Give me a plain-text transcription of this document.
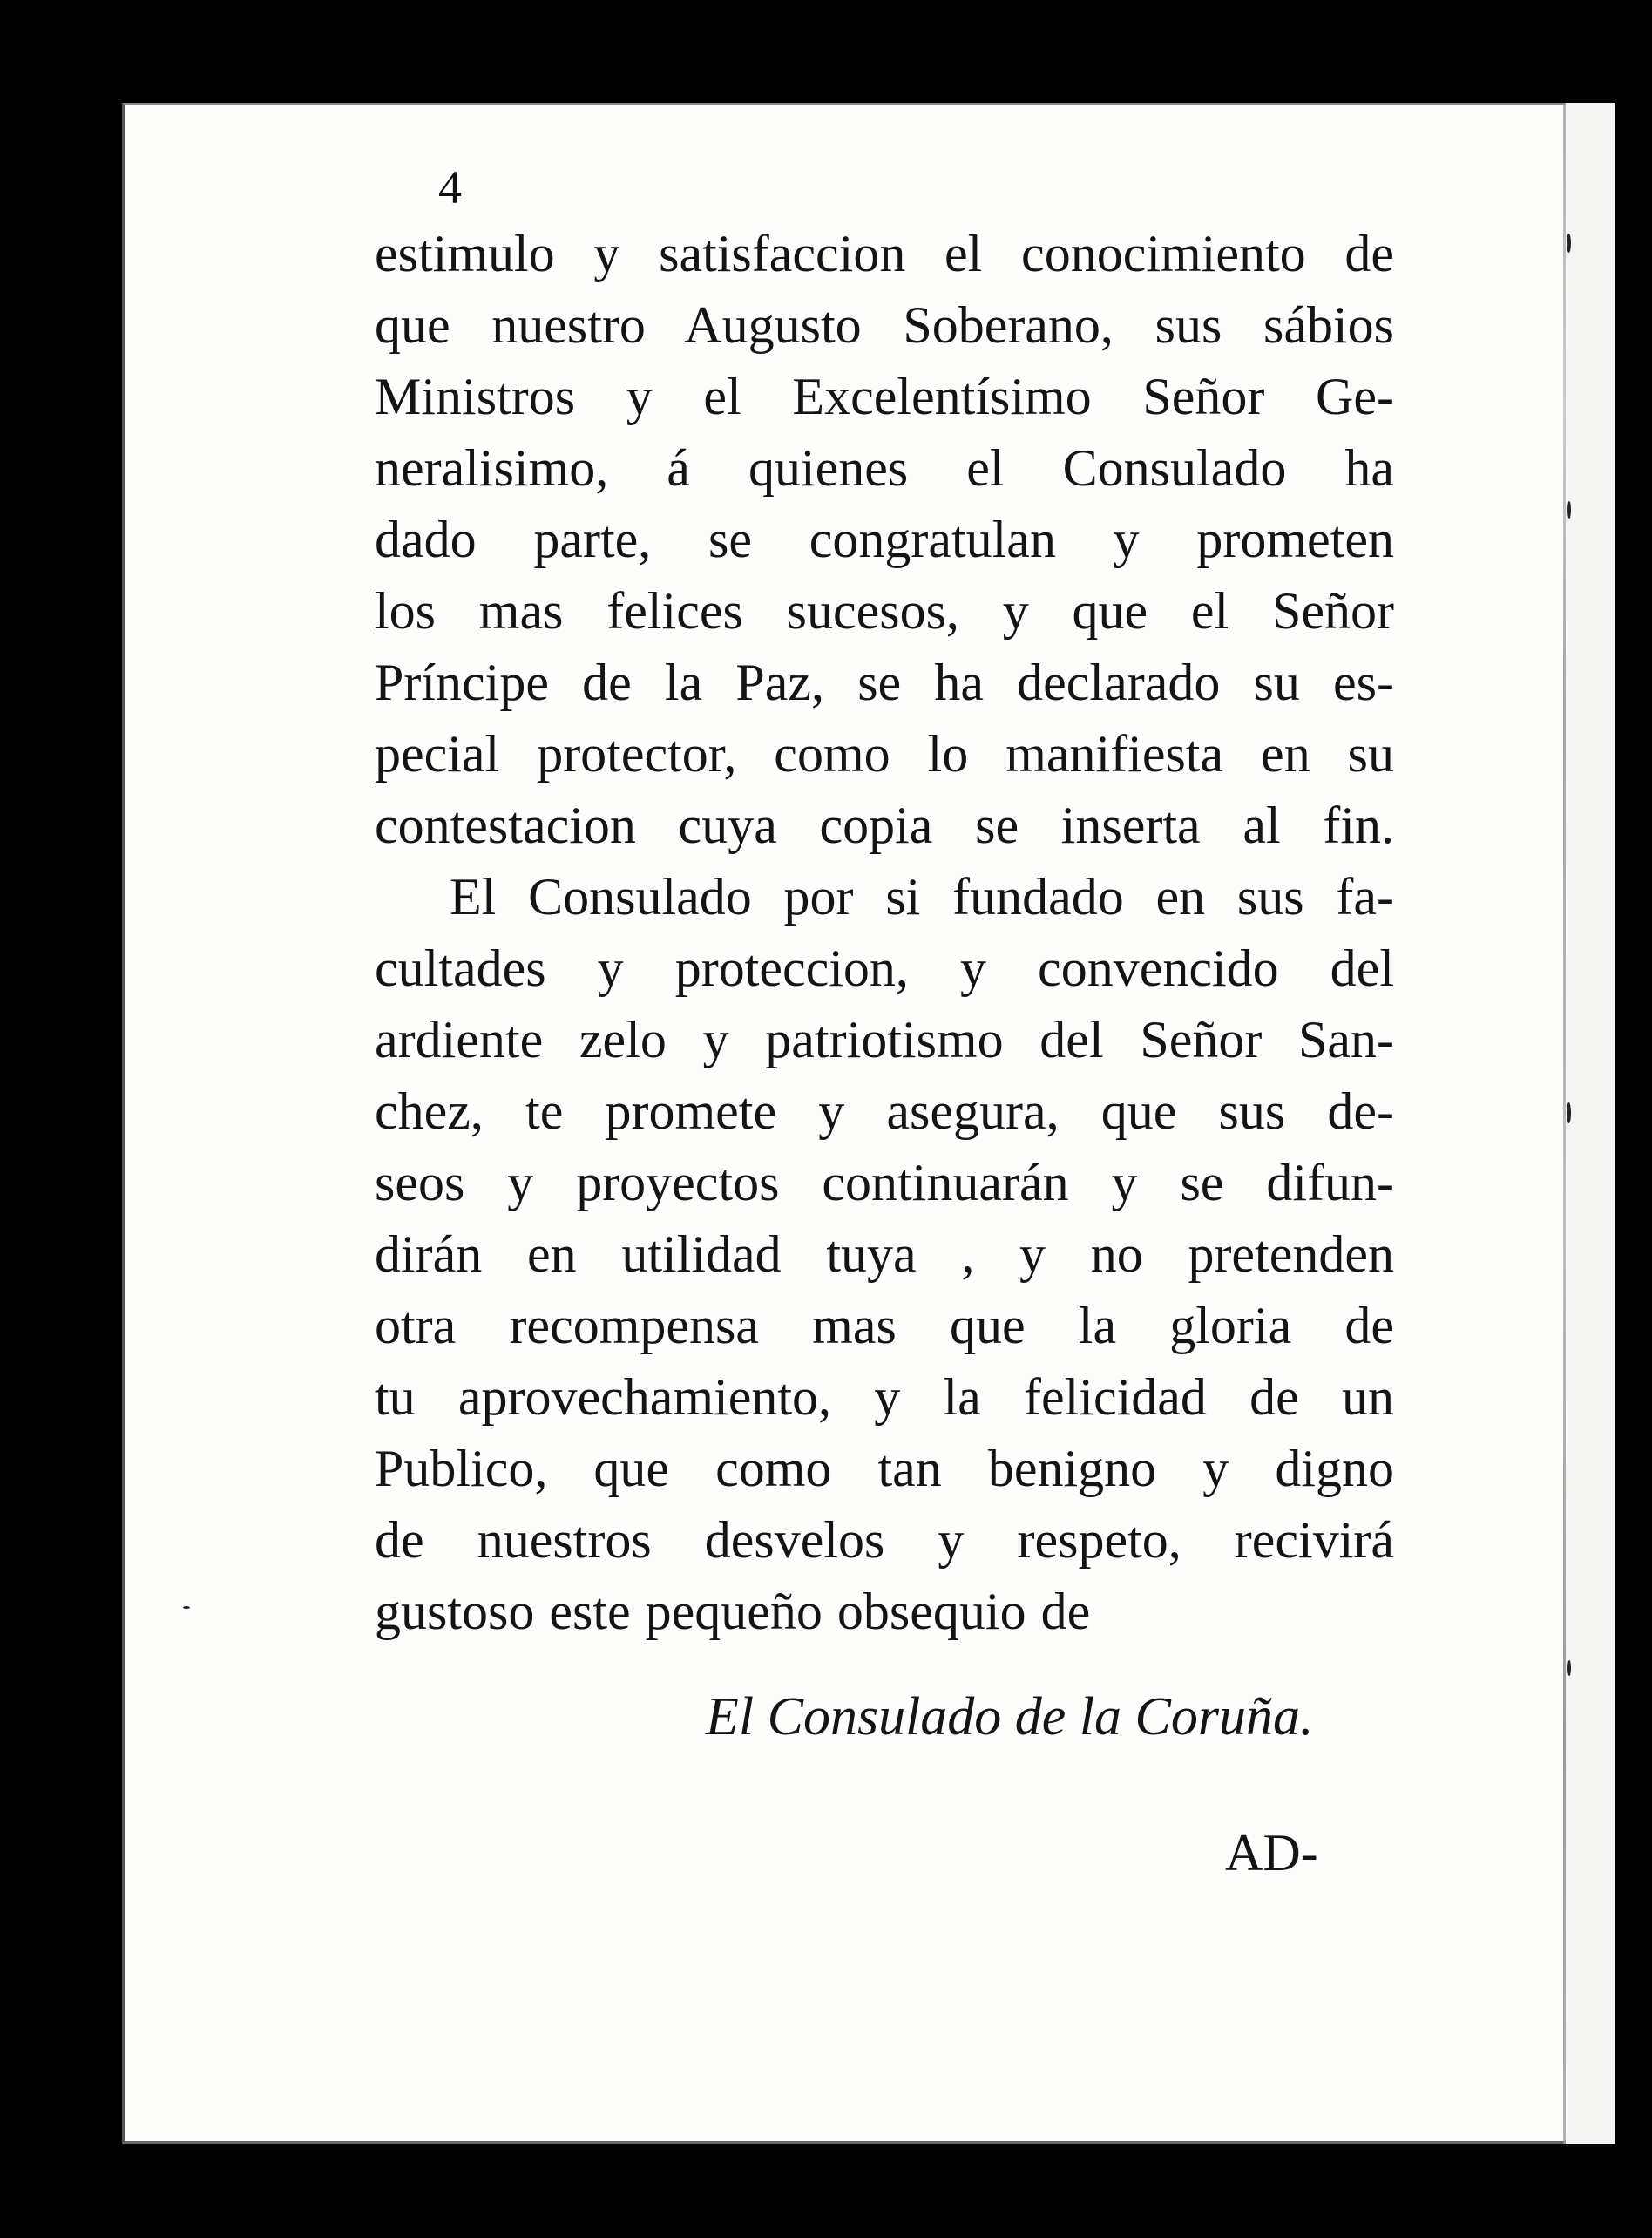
4

estimulo y satisfaccion el conocimiento de
que nuestro Augusto Soberano, sus sábios
Ministros y el Excelentísimo Señor Ge-
neralisimo, á quienes el Consulado ha
dado parte, se congratulan y prometen
los mas felices sucesos, y que el Señor
Príncipe de la Paz, se ha declarado su es-
pecial protector, como lo manifiesta en su
contestacion cuya copia se inserta al fin.
El Consulado por si fundado en sus fa-
cultades y proteccion, y convencido del
ardiente zelo y patriotismo del Señor San-
chez, te promete y asegura, que sus de-
seos y proyectos continuarán y se difun-
dirán en utilidad tuya , y no pretenden
otra recompensa mas que la gloria de
tu aprovechamiento, y la felicidad de un
Publico, que como tan benigno y digno
de nuestros desvelos y respeto, recivirá
gustoso este pequeño obsequio de

El Consulado de la Coruña.

AD-
